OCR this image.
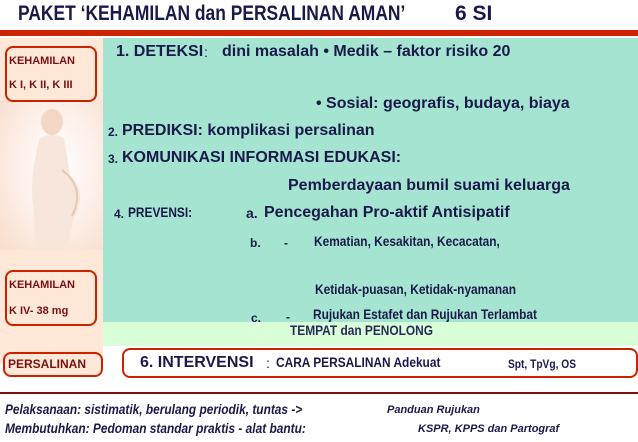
PAKET ‘KEHAMILAN dan PERSALINAN AMAN’ 6 SI
KEHAMILAN
K I, K II, K III
KEHAMILAN
K IV- 38 mg
PERSALINAN
1. DETEKSI : dini masalah • Medik – faktor risiko 20
• Sosial: geografis, budaya, biaya
2. PREDIKSI: komplikasi persalinan
3. KOMUNIKASI INFORMASI EDUKASI:
Pemberdayaan bumil suami keluarga
4. PREVENSI:	a. Pencegahan Pro-aktif Antisipatif
b. - Kematian, Kesakitan, Kecacatan,
Ketidak-puasan, Ketidak-nyamanan
TEMPAT dan PENOLONG
c. - Rujukan Estafet dan Rujukan Terlambat
6. INTERVENSI : CARA PERSALINAN Adekuat	Spt, TpVg, OS
Pelaksanaan: sistimatik, berulang periodik, tuntas ->	Panduan Rujukan
Membutuhkan: Pedoman standar praktis - alat bantu:	KSPR, KPPS dan Partograf
